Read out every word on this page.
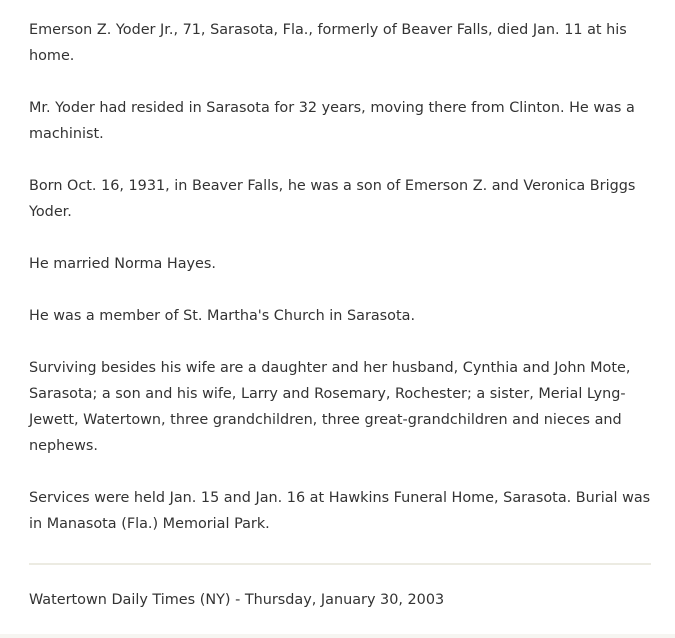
Emerson Z. Yoder Jr., 71, Sarasota, Fla., formerly of Beaver Falls, died Jan. 11 at his home.

Mr. Yoder had resided in Sarasota for 32 years, moving there from Clinton. He was a machinist.

Born Oct. 16, 1931, in Beaver Falls, he was a son of Emerson Z. and Veronica Briggs Yoder.

He married Norma Hayes.

He was a member of St. Martha's Church in Sarasota.

Surviving besides his wife are a daughter and her husband, Cynthia and John Mote, Sarasota; a son and his wife, Larry and Rosemary, Rochester; a sister, Merial Lyng-Jewett, Watertown, three grandchildren, three great-grandchildren and nieces and nephews.

Services were held Jan. 15 and Jan. 16 at Hawkins Funeral Home, Sarasota. Burial was in Manasota (Fla.) Memorial Park.

Watertown Daily Times (NY) - Thursday, January 30, 2003
